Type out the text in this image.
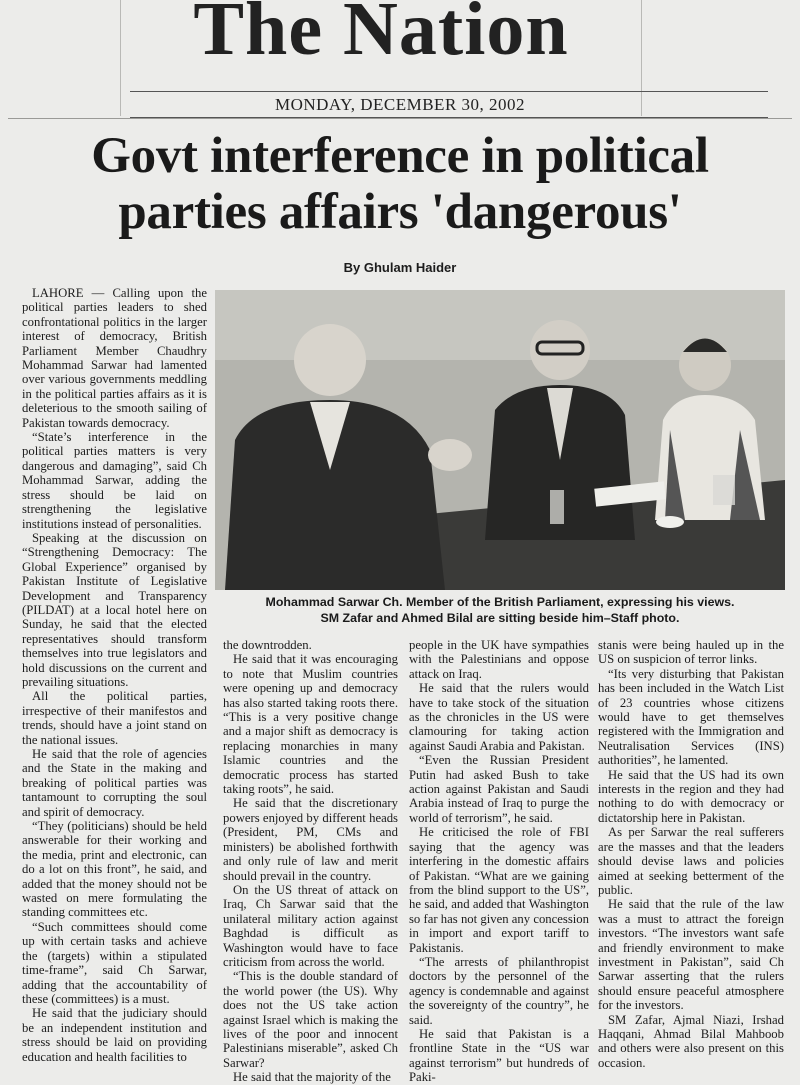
The Nation
MONDAY, DECEMBER 30, 2002
Govt interference in political
parties affairs 'dangerous'
By Ghulam Haider
Mohammad Sarwar Ch. Member of the British Parliament, expressing his views.
SM Zafar and Ahmed Bilal are sitting beside him–Staff photo.

LAHORE — Calling upon the political parties leaders to shed confrontational politics in the larger interest of democracy, British Parliament Member Chaudhry Mohammad Sarwar had lamented over various governments meddling in the political parties affairs as it is deleterious to the smooth sailing of Pakistan towards democracy.

“State’s interference in the political parties matters is very dangerous and damaging”, said Ch Mohammad Sarwar, adding the stress should be laid on strengthening the legislative institutions instead of personalities.

Speaking at the discussion on “Strengthening Democracy: The Global Experience” organised by Pakistan Institute of Legislative Development and Transparency (PILDAT) at a local hotel here on Sunday, he said that the elected representatives should transform themselves into true legislators and hold discussions on the current and prevailing situations.

All the political parties, irrespective of their manifestos and trends, should have a joint stand on the national issues.

He said that the role of agencies and the State in the making and breaking of political parties was tantamount to corrupting the soul and spirit of democracy.

“They (politicians) should be held answerable for their working and the media, print and electronic, can do a lot on this front”, he said, and added that the money should not be wasted on mere formulating the standing committees etc.

“Such committees should come up with certain tasks and achieve the (targets) within a stipulated time-frame”, said Ch Sarwar, adding that the accountability of these (committees) is a must.

He said that the judiciary should be an independent institution and stress should be laid on providing education and health facilities to

the downtrodden.

He said that it was encouraging to note that Muslim countries were opening up and democracy has also started taking roots there. “This is a very positive change and a major shift as democracy is replacing monarchies in many Islamic countries and the democratic process has started taking roots”, he said.

He said that the discretionary powers enjoyed by different heads (President, PM, CMs and ministers) be abolished forthwith and only rule of law and merit should prevail in the country.

On the US threat of attack on Iraq, Ch Sarwar said that the unilateral military action against Baghdad is difficult as Washington would have to face criticism from across the world.

“This is the double standard of the world power (the US). Why does not the US take action against Israel which is making the lives of the poor and innocent Palestinians miserable”, asked Ch Sarwar?

He said that the majority of the

people in the UK have sympathies with the Palestinians and oppose attack on Iraq.

He said that the rulers would have to take stock of the situation as the chronicles in the US were clamouring for taking action against Saudi Arabia and Pakistan.

“Even the Russian President Putin had asked Bush to take action against Pakistan and Saudi Arabia instead of Iraq to purge the world of terrorism”, he said.

He criticised the role of FBI saying that the agency was interfering in the domestic affairs of Pakistan. “What are we gaining from the blind support to the US”, he said, and added that Washington so far has not given any concession in import and export tariff to Pakistanis.

“The arrests of philanthropist doctors by the personnel of the agency is condemnable and against the sovereignty of the country”, he said.

He said that Pakistan is a frontline State in the “US war against terrorism” but hundreds of Paki-

stanis were being hauled up in the US on suspicion of terror links.

“Its very disturbing that Pakistan has been included in the Watch List of 23 countries whose citizens would have to get themselves registered with the Immigration and Neutralisation Services (INS) authorities”, he lamented.

He said that the US had its own interests in the region and they had nothing to do with democracy or dictatorship here in Pakistan.

As per Sarwar the real sufferers are the masses and that the leaders should devise laws and policies aimed at seeking betterment of the public.

He said that the rule of the law was a must to attract the foreign investors. “The investors want safe and friendly environment to make investment in Pakistan”, said Ch Sarwar asserting that the rulers should ensure peaceful atmosphere for the investors.

SM Zafar, Ajmal Niazi, Irshad Haqqani, Ahmad Bilal Mahboob and others were also present on this occasion.
